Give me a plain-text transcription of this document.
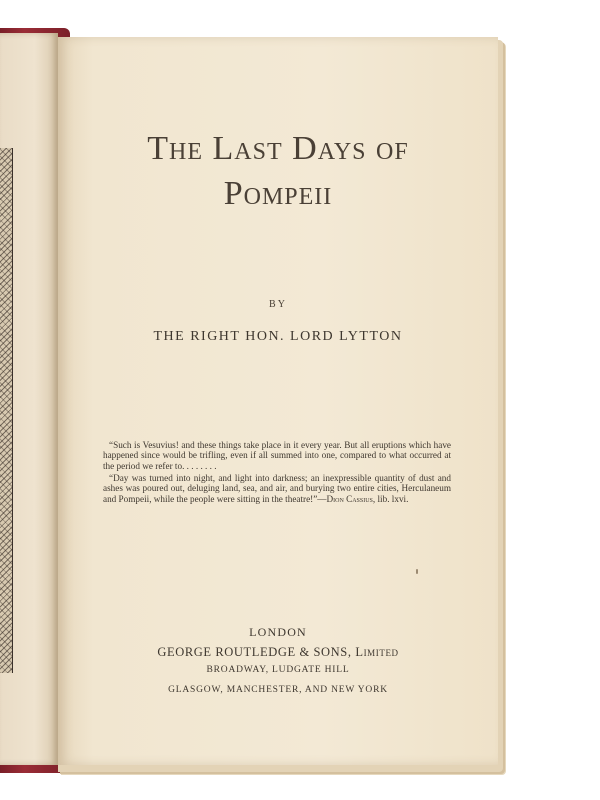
The Last Days of
Pompeii
BY
THE RIGHT HON. LORD LYTTON

“Such is Vesuvius! and these things take place in it every year. But all eruptions which have happened since would be trifling, even if all summed into one, compared to what occurred at the period we refer to. . . . . . . .

“Day was turned into night, and light into darkness; an inexpressible quantity of dust and ashes was poured out, deluging land, sea, and air, and burying two entire cities, Herculaneum and Pompeii, while the people were sitting in the theatre!”—Dion Cassius, lib. lxvi.

LONDON

GEORGE ROUTLEDGE & SONS, Limited

BROADWAY, LUDGATE HILL

GLASGOW, MANCHESTER, AND NEW YORK
